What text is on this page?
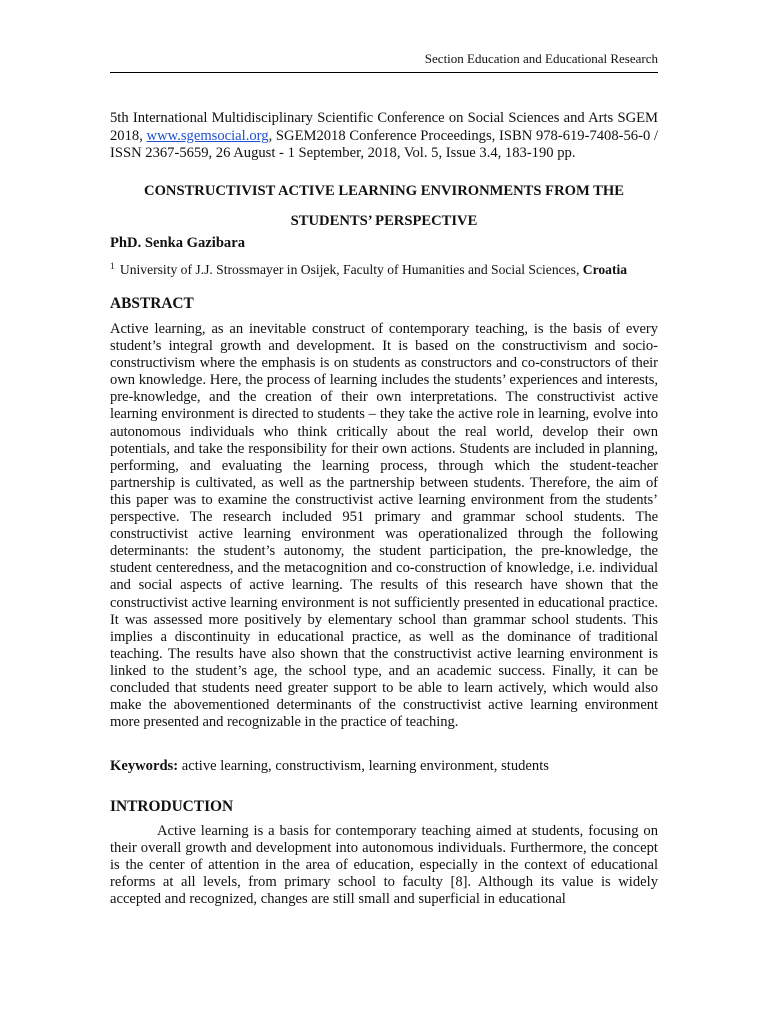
Section Education and Educational Research
5th International Multidisciplinary Scientific Conference on Social Sciences and Arts SGEM 2018, www.sgemsocial.org, SGEM2018 Conference Proceedings, ISBN 978-619-7408-56-0 / ISSN 2367-5659, 26 August - 1 September, 2018, Vol. 5, Issue 3.4, 183-190 pp.
CONSTRUCTIVIST ACTIVE LEARNING ENVIRONMENTS FROM THE STUDENTS’ PERSPECTIVE
PhD. Senka Gazibara
$^1$ University of J.J. Strossmayer in Osijek, Faculty of Humanities and Social Sciences, Croatia
ABSTRACT
Active learning, as an inevitable construct of contemporary teaching, is the basis of every student’s integral growth and development. It is based on the constructivism and socio-constructivism where the emphasis is on students as constructors and co-constructors of their own knowledge. Here, the process of learning includes the students’ experiences and interests, pre-knowledge, and the creation of their own interpretations. The constructivist active learning environment is directed to students – they take the active role in learning, evolve into autonomous individuals who think critically about the real world, develop their own potentials, and take the responsibility for their own actions. Students are included in planning, performing, and evaluating the learning process, through which the student-teacher partnership is cultivated, as well as the partnership between students. Therefore, the aim of this paper was to examine the constructivist active learning environment from the students’ perspective. The research included 951 primary and grammar school students. The constructivist active learning environment was operationalized through the following determinants: the student’s autonomy, the student participation, the pre-knowledge, the student centeredness, and the metacognition and co-construction of knowledge, i.e. individual and social aspects of active learning. The results of this research have shown that the constructivist active learning environment is not sufficiently presented in educational practice. It was assessed more positively by elementary school than grammar school students. This implies a discontinuity in educational practice, as well as the dominance of traditional teaching. The results have also shown that the constructivist active learning environment is linked to the student’s age, the school type, and an academic success. Finally, it can be concluded that students need greater support to be able to learn actively, which would also make the abovementioned determinants of the constructivist active learning environment more presented and recognizable in the practice of teaching.
Keywords: active learning, constructivism, learning environment, students
INTRODUCTION
Active learning is a basis for contemporary teaching aimed at students, focusing on their overall growth and development into autonomous individuals. Furthermore, the concept is the center of attention in the area of education, especially in the context of educational reforms at all levels, from primary school to faculty [8]. Although its value is widely accepted and recognized, changes are still small and superficial in educational
